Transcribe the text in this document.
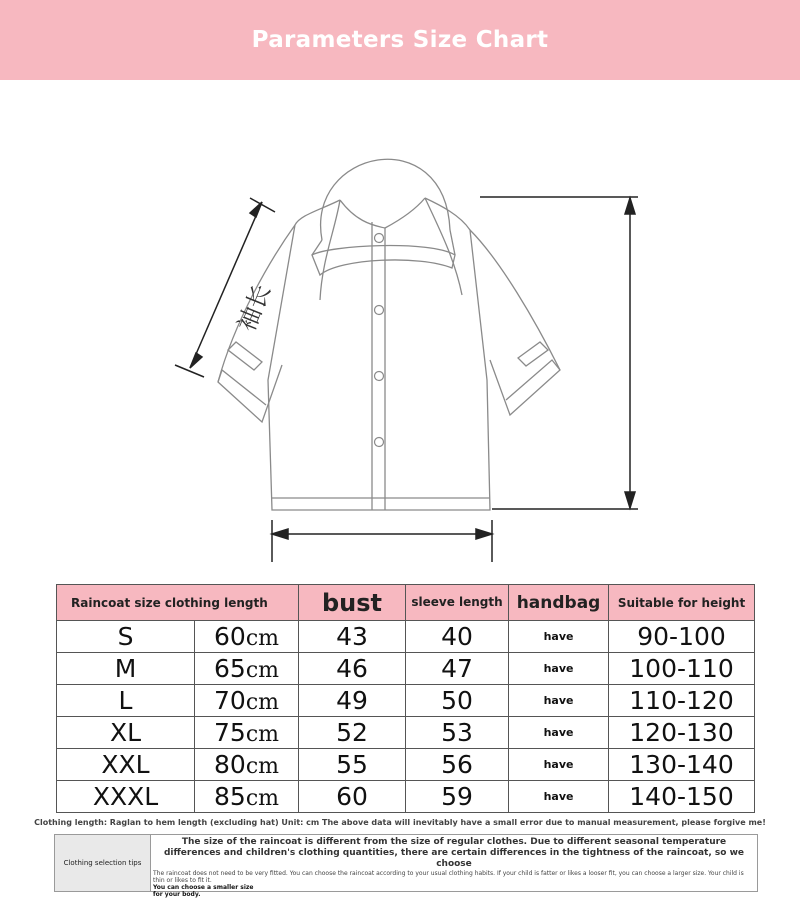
Parameters Size Chart
袖长
Raincoat size clothing length		bust	sleeve length	handbag	Suitable for height
S	60cm	43	40	have	90-100
M	65cm	46	47	have	100-110
L	70cm	49	50	have	110-120
XL	75cm	52	53	have	120-130
XXL	80cm	55	56	have	130-140
XXXL	85cm	60	59	have	140-150
Clothing length: Raglan to hem length (excluding hat) Unit: cm The above data will inevitably have a small error due to manual measurement, please forgive me!
Clothing selection tips
The size of the raincoat is different from the size of regular clothes. Due to different seasonal temperature differences and children's clothing quantities, there are certain differences in the tightness of the raincoat, so we choose
The raincoat does not need to be very fitted. You can choose the raincoat according to your usual clothing habits. If your child is fatter or likes a looser fit, you can choose a larger size. Your child is thin or likes to fit it.
You can choose a smaller size
for your body.
